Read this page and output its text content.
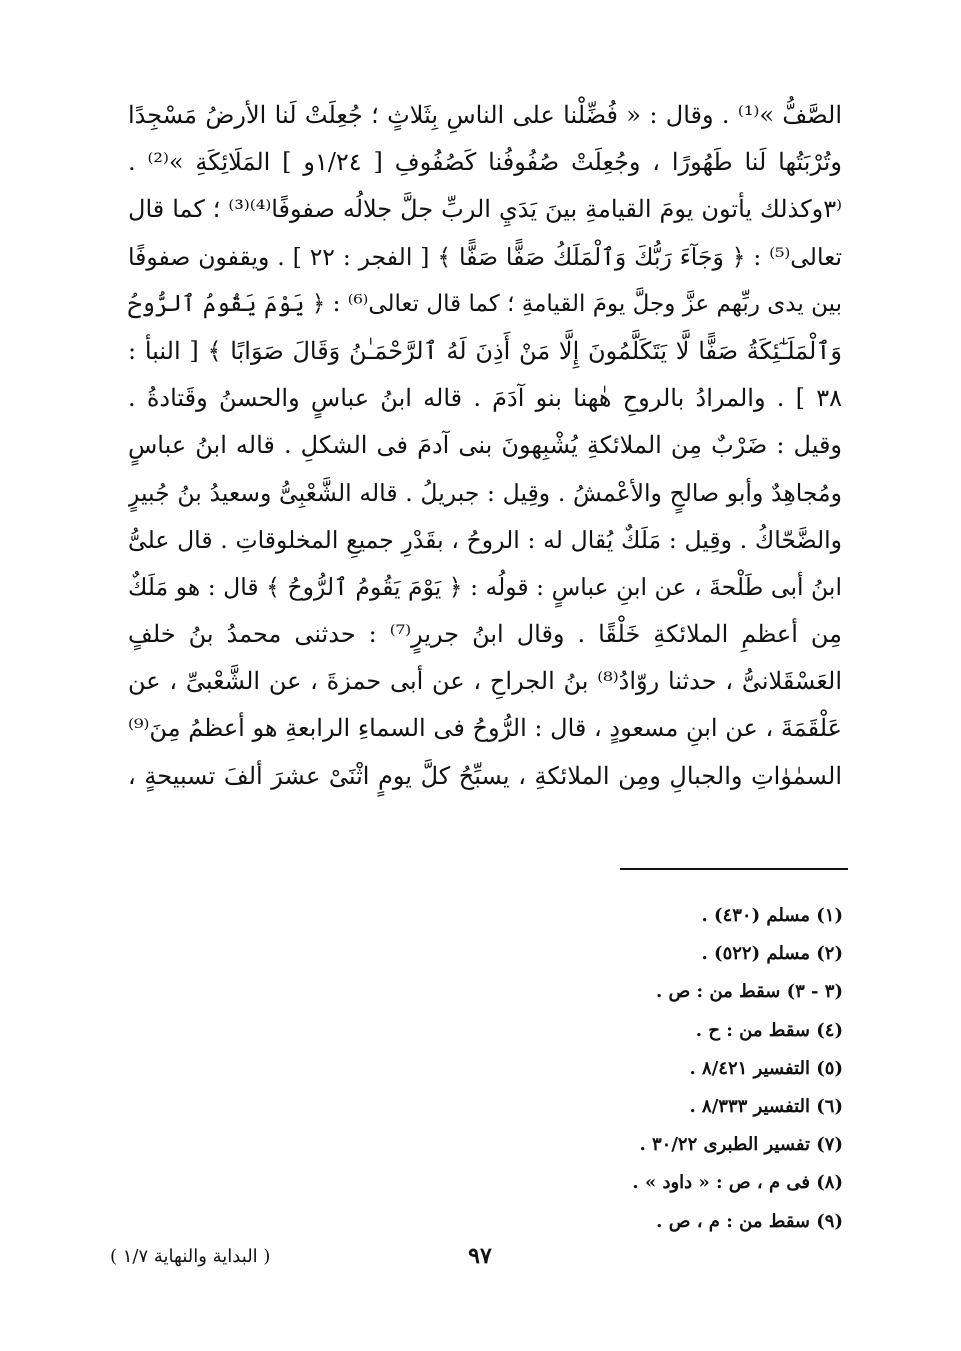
الصَّفُّ »⁽¹⁾ . وقال : « فُضِّلْنا على الناسِ بِثَلاثٍ ؛ جُعِلَتْ لَنا الأرضُ مَسْجِدًا
وتُرْبَتُها لَنا طَهُورًا ، وجُعِلَتْ صُفُوفُنا كَصُفُوفِ [ ١/٢٤و ] المَلَائِكَةِ »⁽²⁾ .
⁽٣وكذلك يأتون يومَ القيامةِ بينَ يَدَيِ الربِّ جلَّ جلالُه صفوفًا⁽⁴⁾⁽³⁾ ؛ كما قال
تعالى⁽⁵⁾ : ﴿ وَجَآءَ رَبُّكَ وَٱلْمَلَكُ صَفًّا صَفًّا ﴾ [ الفجر : ٢٢ ] . ويقفون صفوفًا
بين يدى ربِّهم عزَّ وجلَّ يومَ القيامةِ ؛ كما قال تعالى⁽⁶⁾ : ﴿ يَوْمَ يَقُومُ ٱلرُّوحُ
وَٱلْمَلَـٰٓئِكَةُ صَفًّا لَّا يَتَكَلَّمُونَ إِلَّا مَنْ أَذِنَ لَهُ ٱلرَّحْمَـٰنُ وَقَالَ صَوَابًا ﴾ [ النبأ :
٣٨ ] . والمرادُ بالروحِ هٰهنا بنو آدَمَ . قاله ابنُ عباسٍ والحسنُ وقَتادةُ .
وقيل : ضَرْبٌ مِن الملائكةِ يُشْبِهونَ بنى آدمَ فى الشكلِ . قاله ابنُ عباسٍ
ومُجاهِدٌ وأبو صالحٍ والأعْمشُ . وقِيل : جبريلُ . قاله الشَّعْبِىُّ وسعيدُ بنُ جُبيرٍ
والضَّحّاكُ . وقِيل : مَلَكٌ يُقال له : الروحُ ، بقَدْرِ جميعِ المخلوقاتِ . قال علىُّ
ابنُ أبى طَلْحةَ ، عن ابنِ عباسٍ : قولُه : ﴿ يَوْمَ يَقُومُ ٱلرُّوحُ ﴾ قال : هو مَلَكٌ
مِن أعظمِ الملائكةِ خَلْقًا . وقال ابنُ جريرٍ⁽⁷⁾ : حدثنى محمدُ بنُ خلفٍ
العَسْقَلانىُّ ، حدثنا روّادُ⁽⁸⁾ بنُ الجراحِ ، عن أبى حمزةَ ، عن الشَّعْبىِّ ، عن
عَلْقَمَةَ ، عن ابنِ مسعودٍ ، قال : الرُّوحُ فى السماءِ الرابعةِ هو أعظمُ مِنَ⁽⁹⁾
السمٰوٰاتِ والجبالِ ومِن الملائكةِ ، يسبِّحُ كلَّ يومٍ اثْنَىْ عشرَ ألفَ تسبيحةٍ ،
(١) مسلم (٤٣٠) .
(٢) مسلم (٥٢٢) .
(٣ - ٣) سقط من : ص .
(٤) سقط من : ح .
(٥) التفسير ٨/٤٢١ .
(٦) التفسير ٨/٣٣٣ .
(٧) تفسير الطبرى ٣٠/٢٢ .
(٨) فى م ، ص : « داود » .
(٩) سقط من : م ، ص .
٩٧
( البداية والنهاية ١/٧ )
